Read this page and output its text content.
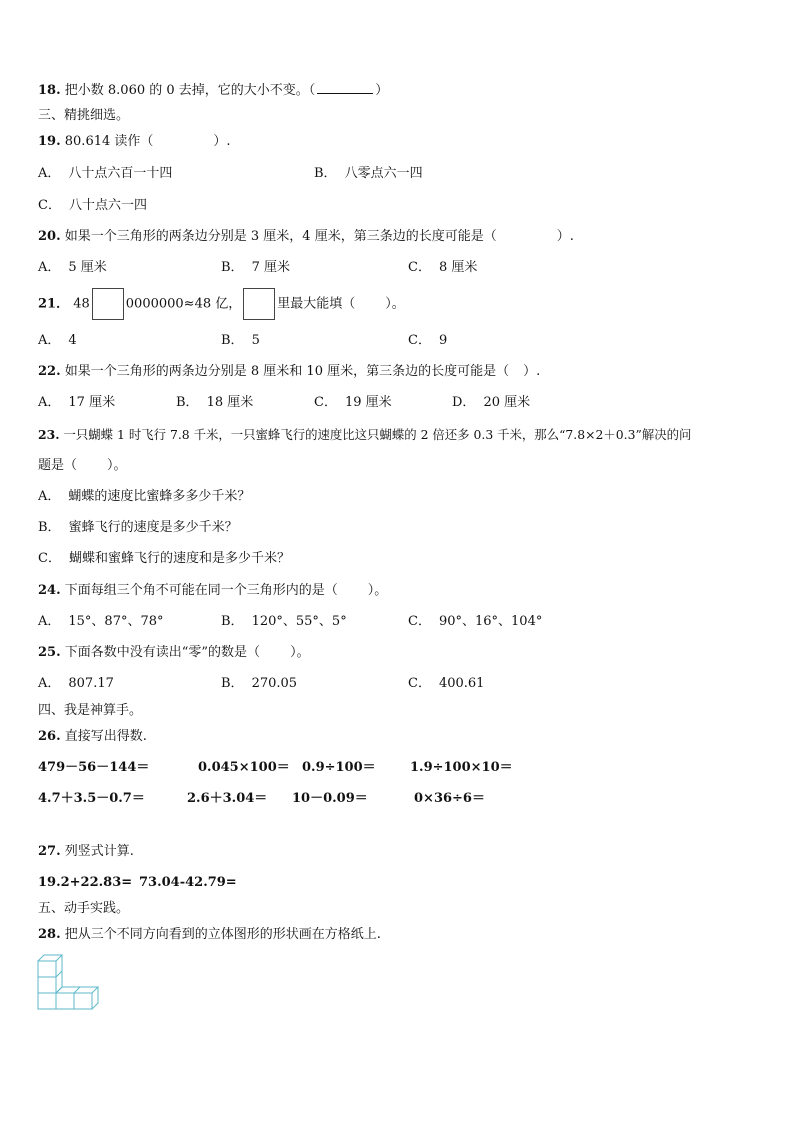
18. 把小数 8.060 的 0 去掉，它的大小不变。（	）
三、精挑细选。
19. 80.614 读作（	）.
A． 八十点六百一十四	B． 八零点六一四
C． 八十点六一四
20. 如果一个三角形的两条边分别是 3 厘米，4 厘米，第三条边的长度可能是（	）.
A． 5 厘米	B． 7 厘米	C． 8 厘米
21． 48	0000000≈48 亿，	里最大能填（ ）。
A． 4	B． 5	C． 9
22. 如果一个三角形的两条边分别是 8 厘米和 10 厘米，第三条边的长度可能是（ ）.
A． 17 厘米	B． 18 厘米	C． 19 厘米	D． 20 厘米
23. 一只蝴蝶 1 时飞行 7.8 千米，一只蜜蜂飞行的速度比这只蝴蝶的 2 倍还多 0.3 千米，那么“7.8×2＋0.3”解决的问
题是（ ）。
A． 蝴蝶的速度比蜜蜂多多少千米？
B． 蜜蜂飞行的速度是多少千米？
C． 蝴蝶和蜜蜂飞行的速度和是多少千米？
24. 下面每组三个角不可能在同一个三角形内的是（ ）。
A． 15°、87°、78°	B． 120°、55°、5°	C． 90°、16°、104°
25. 下面各数中没有读出“零”的数是（ ）。
A． 807.17	B． 270.05	C． 400.61
四、我是神算手。
26. 直接写出得数.
479－56－144＝	0.045×100＝ 0.9÷100＝	1.9÷100×10＝
4.7＋3.5－0.7＝	2.6＋3.04＝ 10－0.09＝	0×36÷6＝
27. 列竖式计算.
19.2+22.83= 73.04-42.79=
五、动手实践。
28. 把从三个不同方向看到的立体图形的形状画在方格纸上.
